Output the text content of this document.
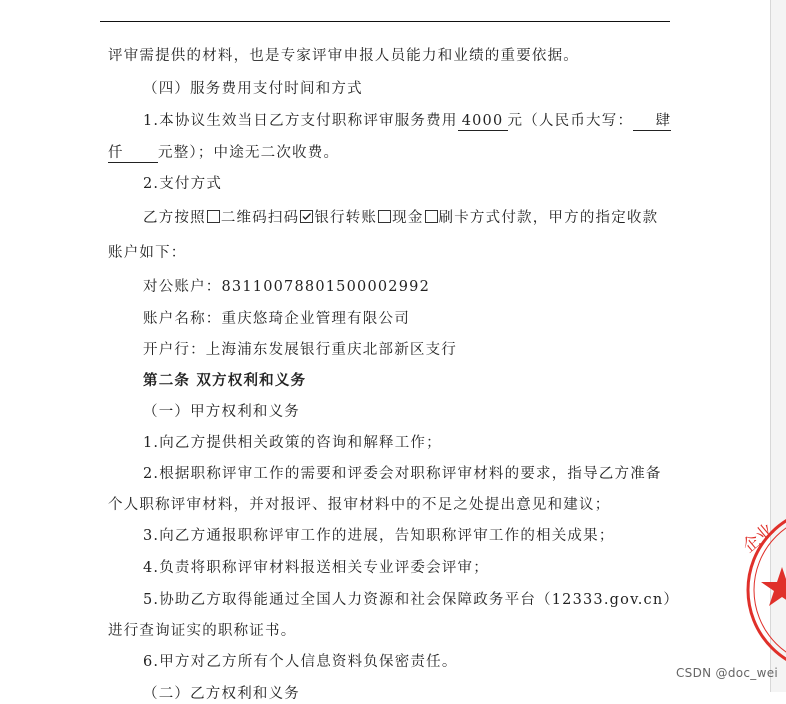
评审需提供的材料，也是专家评审申报人员能力和业绩的重要依据。
（四）服务费用支付时间和方式
1.本协议生效当日乙方支付职称评审服务费用 4000 元（人民币大写： 肆
仟 元整）；中途无二次收费。
2.支付方式
乙方按照 二维码扫码 银行转账 现金 刷卡方式付款，甲方的指定收款
账户如下：
对公账户：83110078801500002992
账户名称：重庆悠琦企业管理有限公司
开户行：上海浦东发展银行重庆北部新区支行
第二条 双方权利和义务
（一）甲方权利和义务
1.向乙方提供相关政策的咨询和解释工作；
2.根据职称评审工作的需要和评委会对职称评审材料的要求，指导乙方准备
个人职称评审材料，并对报评、报审材料中的不足之处提出意见和建议；
3.向乙方通报职称评审工作的进展，告知职称评审工作的相关成果；
4.负责将职称评审材料报送相关专业评委会评审；
5.协助乙方取得能通过全国人力资源和社会保障政务平台（12333.gov.cn）
进行查询证实的职称证书。
6.甲方对乙方所有个人信息资料负保密责任。
（二）乙方权利和义务
企业
CSDN @doc_wei
